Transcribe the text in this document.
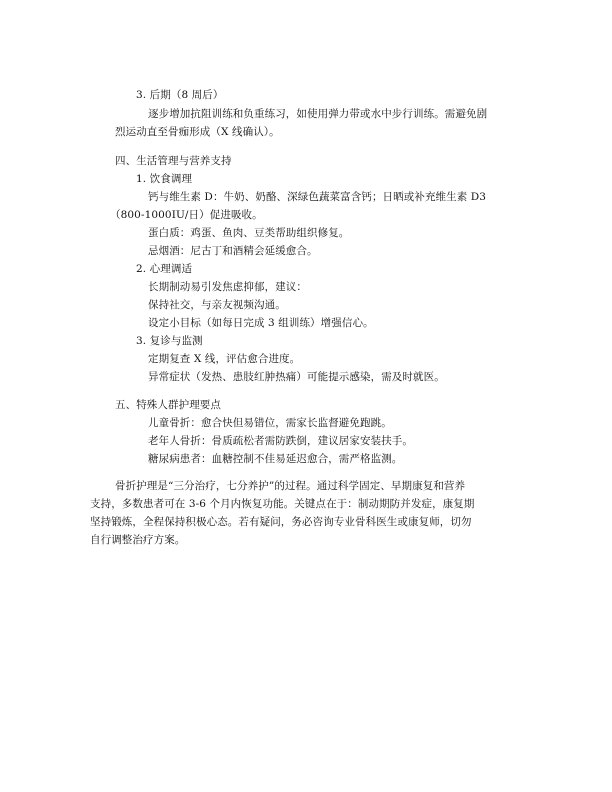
3. 后期（8 周后）
逐步增加抗阻训练和负重练习，如使用弹力带或水中步行训练。需避免剧
烈运动直至骨痂形成（X 线确认）。
四、生活管理与营养支持
1. 饮食调理
钙与维生素 D：牛奶、奶酪、深绿色蔬菜富含钙；日晒或补充维生素 D3
（800-1000IU/日）促进吸收。
蛋白质：鸡蛋、鱼肉、豆类帮助组织修复。
忌烟酒：尼古丁和酒精会延缓愈合。
2. 心理调适
长期制动易引发焦虑抑郁，建议：
保持社交，与亲友视频沟通。
设定小目标（如每日完成 3 组训练）增强信心。
3. 复诊与监测
定期复查 X 线，评估愈合进度。
异常症状（发热、患肢红肿热痛）可能提示感染，需及时就医。
五、特殊人群护理要点
儿童骨折：愈合快但易错位，需家长监督避免跑跳。
老年人骨折：骨质疏松者需防跌倒，建议居家安装扶手。
糖尿病患者：血糖控制不佳易延迟愈合，需严格监测。
骨折护理是“三分治疗，七分养护”的过程。通过科学固定、早期康复和营养
支持，多数患者可在 3-6 个月内恢复功能。关键点在于：制动期防并发症，康复期
坚持锻炼，全程保持积极心态。若有疑问，务必咨询专业骨科医生或康复师，切勿
自行调整治疗方案。
